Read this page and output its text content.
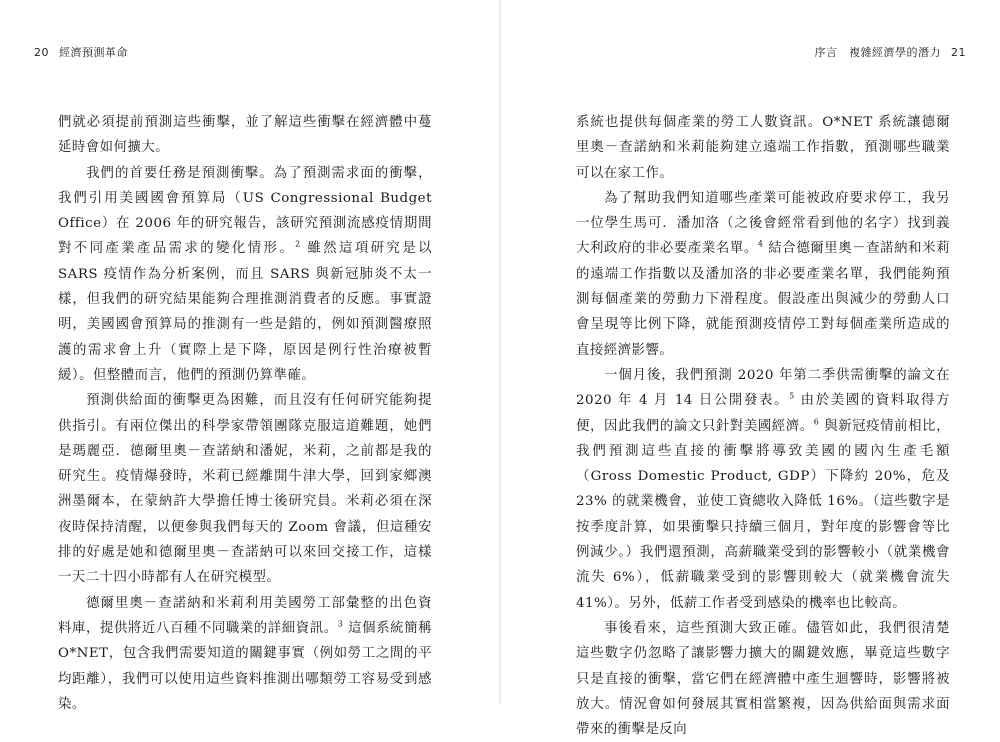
20 經濟預測革命

們就必須提前預測這些衝擊，並了解這些衝擊在經濟體中蔓延時會如何擴大。

我們的首要任務是預測衝擊。為了預測需求面的衝擊，我們引用美國國會預算局（US Congressional Budget Office）在 2006 年的研究報告，該研究預測流感疫情期間對不同產業產品需求的變化情形。$^2$ 雖然這項研究是以 SARS 疫情作為分析案例，而且 SARS 與新冠肺炎不太一樣，但我們的研究結果能夠合理推測消費者的反應。事實證明，美國國會預算局的推測有一些是錯的，例如預測醫療照護的需求會上升（實際上是下降，原因是例行性治療被暫緩）。但整體而言，他們的預測仍算準確。

預測供給面的衝擊更為困難，而且沒有任何研究能夠提供指引。有兩位傑出的科學家帶領團隊克服這道難題，她們是瑪麗亞．德爾里奧－查諾納和潘妮，米莉，之前都是我的研究生。疫情爆發時，米莉已經離開牛津大學，回到家鄉澳洲墨爾本，在蒙納許大學擔任博士後研究員。米莉必須在深夜時保持清醒，以便參與我們每天的 Zoom 會議，但這種安排的好處是她和德爾里奧－查諾納可以來回交接工作，這樣一天二十四小時都有人在研究模型。

德爾里奧－查諾納和米莉利用美國勞工部彙整的出色資料庫，提供將近八百種不同職業的詳細資訊。$^3$ 這個系統簡稱 O*NET，包含我們需要知道的關鍵事實（例如勞工之間的平均距離），我們可以使用這些資料推測出哪類勞工容易受到感染。

序言　複雜經濟學的潛力 21

系統也提供每個產業的勞工人數資訊。O*NET 系統讓德爾里奧－查諾納和米莉能夠建立遠端工作指數，預測哪些職業可以在家工作。

為了幫助我們知道哪些產業可能被政府要求停工，我另一位學生馬可．潘加洛（之後會經常看到他的名字）找到義大利政府的非必要產業名單。$^4$ 結合德爾里奧－查諾納和米莉的遠端工作指數以及潘加洛的非必要產業名單，我們能夠預測每個產業的勞動力下滑程度。假設產出與減少的勞動人口會呈現等比例下降，就能預測疫情停工對每個產業所造成的直接經濟影響。

一個月後，我們預測 2020 年第二季供需衝擊的論文在 2020 年 4 月 14 日公開發表。$^5$ 由於美國的資料取得方便，因此我們的論文只針對美國經濟。$^6$ 與新冠疫情前相比，我們預測這些直接的衝擊將導致美國的國內生產毛額（Gross Domestic Product, GDP）下降約 20%，危及 23% 的就業機會，並使工資總收入降低 16%。（這些數字是按季度計算，如果衝擊只持續三個月，對年度的影響會等比例減少。）我們還預測，高薪職業受到的影響較小（就業機會流失 6%），低薪職業受到的影響則較大（就業機會流失 41%）。另外，低薪工作者受到感染的機率也比較高。

事後看來，這些預測大致正確。儘管如此，我們很清楚這些數字仍忽略了讓影響力擴大的關鍵效應，畢竟這些數字只是直接的衝擊，當它們在經濟體中產生迴響時，影響將被放大。情況會如何發展其實相當繁複，因為供給面與需求面帶來的衝擊是反向
